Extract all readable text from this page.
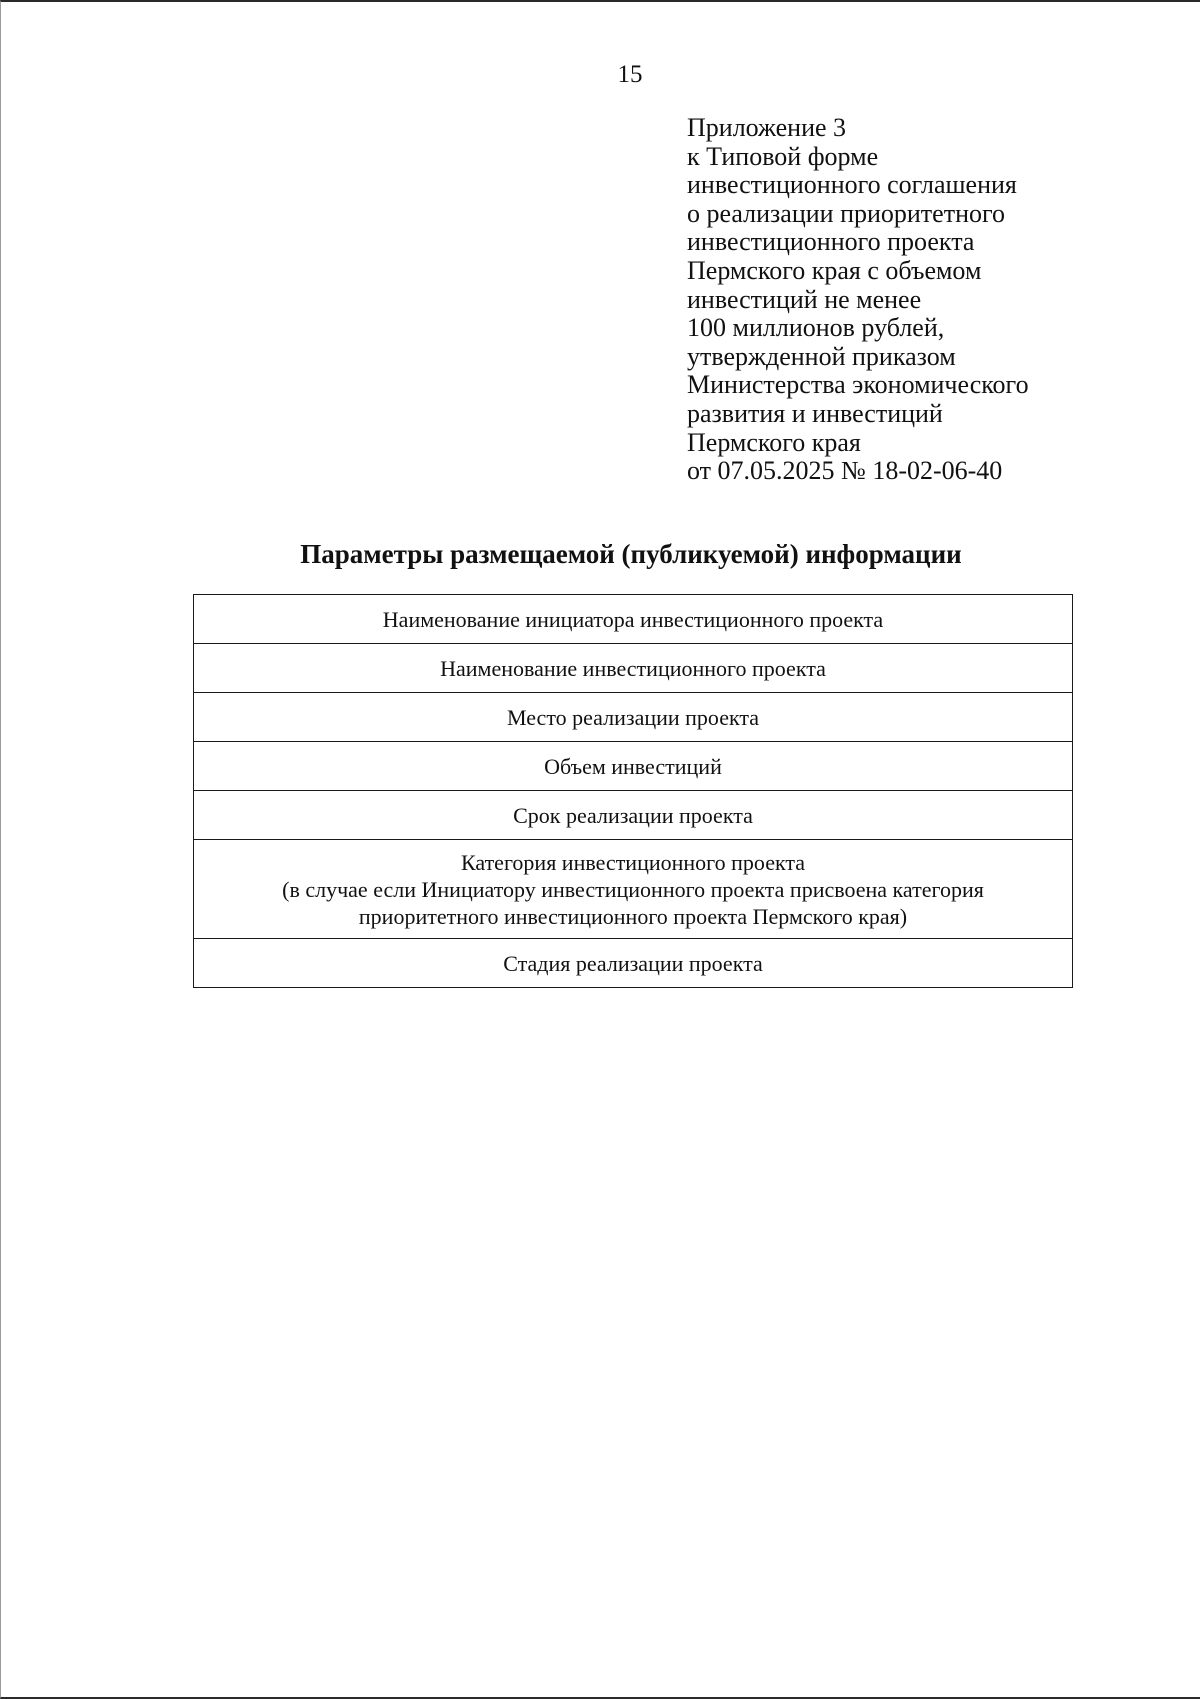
15
Приложение 3
к Типовой форме
инвестиционного соглашения
о реализации приоритетного
инвестиционного проекта
Пермского края с объемом
инвестиций не менее
100 миллионов рублей,
утвержденной приказом
Министерства экономического
развития и инвестиций
Пермского края
от 07.05.2025 № 18-02-06-40
Параметры размещаемой (публикуемой) информации
Наименование инициатора инвестиционного проекта

Наименование инвестиционного проекта

Место реализации проекта

Объем инвестиций

Срок реализации проекта

Категория инвестиционного проекта
(в случае если Инициатору инвестиционного проекта присвоена категория
приоритетного инвестиционного проекта Пермского края)

Стадия реализации проекта
